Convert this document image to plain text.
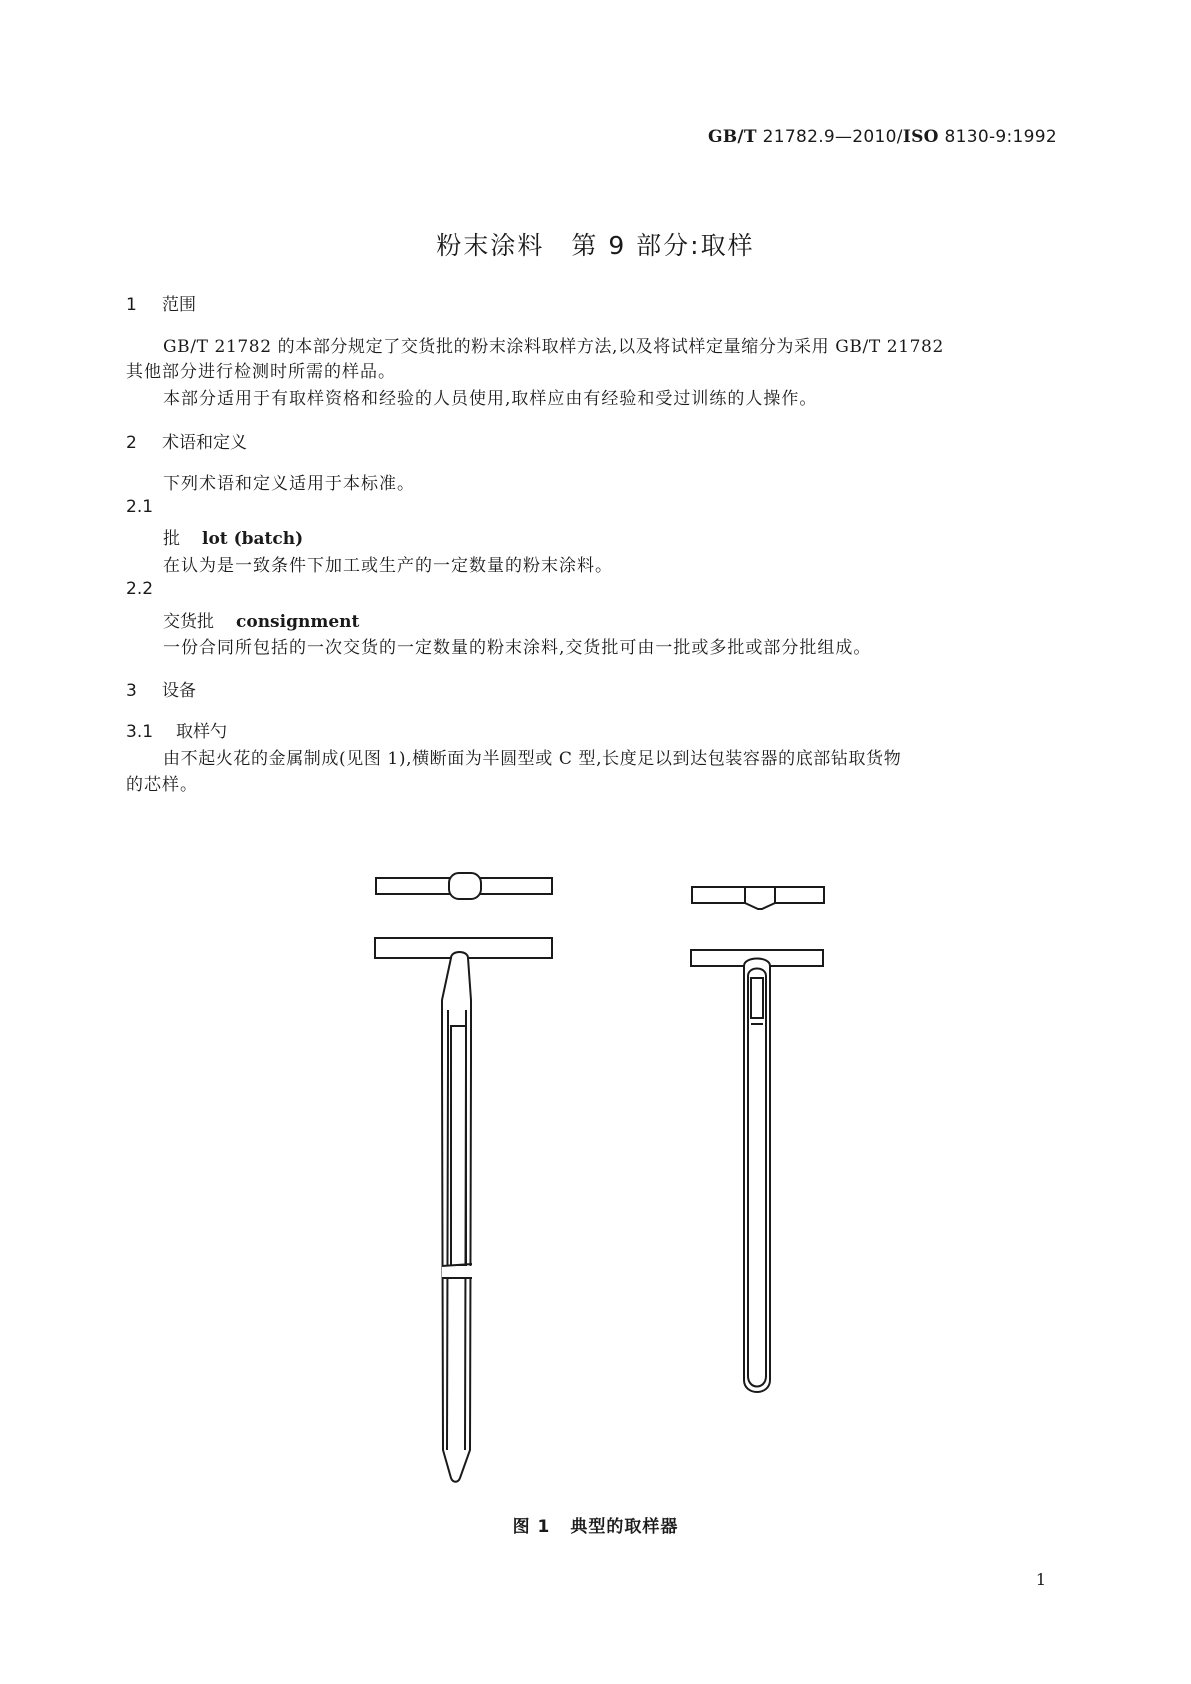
GB/T 21782.9—2010/ISO 8130-9:1992
粉末涂料　第 9 部分:取样
1 范围
GB/T 21782 的本部分规定了交货批的粉末涂料取样方法,以及将试样定量缩分为采用 GB/T 21782
其他部分进行检测时所需的样品。
本部分适用于有取样资格和经验的人员使用,取样应由有经验和受过训练的人操作。
2 术语和定义
下列术语和定义适用于本标准。
2.1
批 lot (batch)
在认为是一致条件下加工或生产的一定数量的粉末涂料。
2.2
交货批 consignment
一份合同所包括的一次交货的一定数量的粉末涂料,交货批可由一批或多批或部分批组成。
3 设备
3.1 取样勺
由不起火花的金属制成(见图 1),横断面为半圆型或 C 型,长度足以到达包装容器的底部钻取货物
的芯样。
图 1 典型的取样器
1
